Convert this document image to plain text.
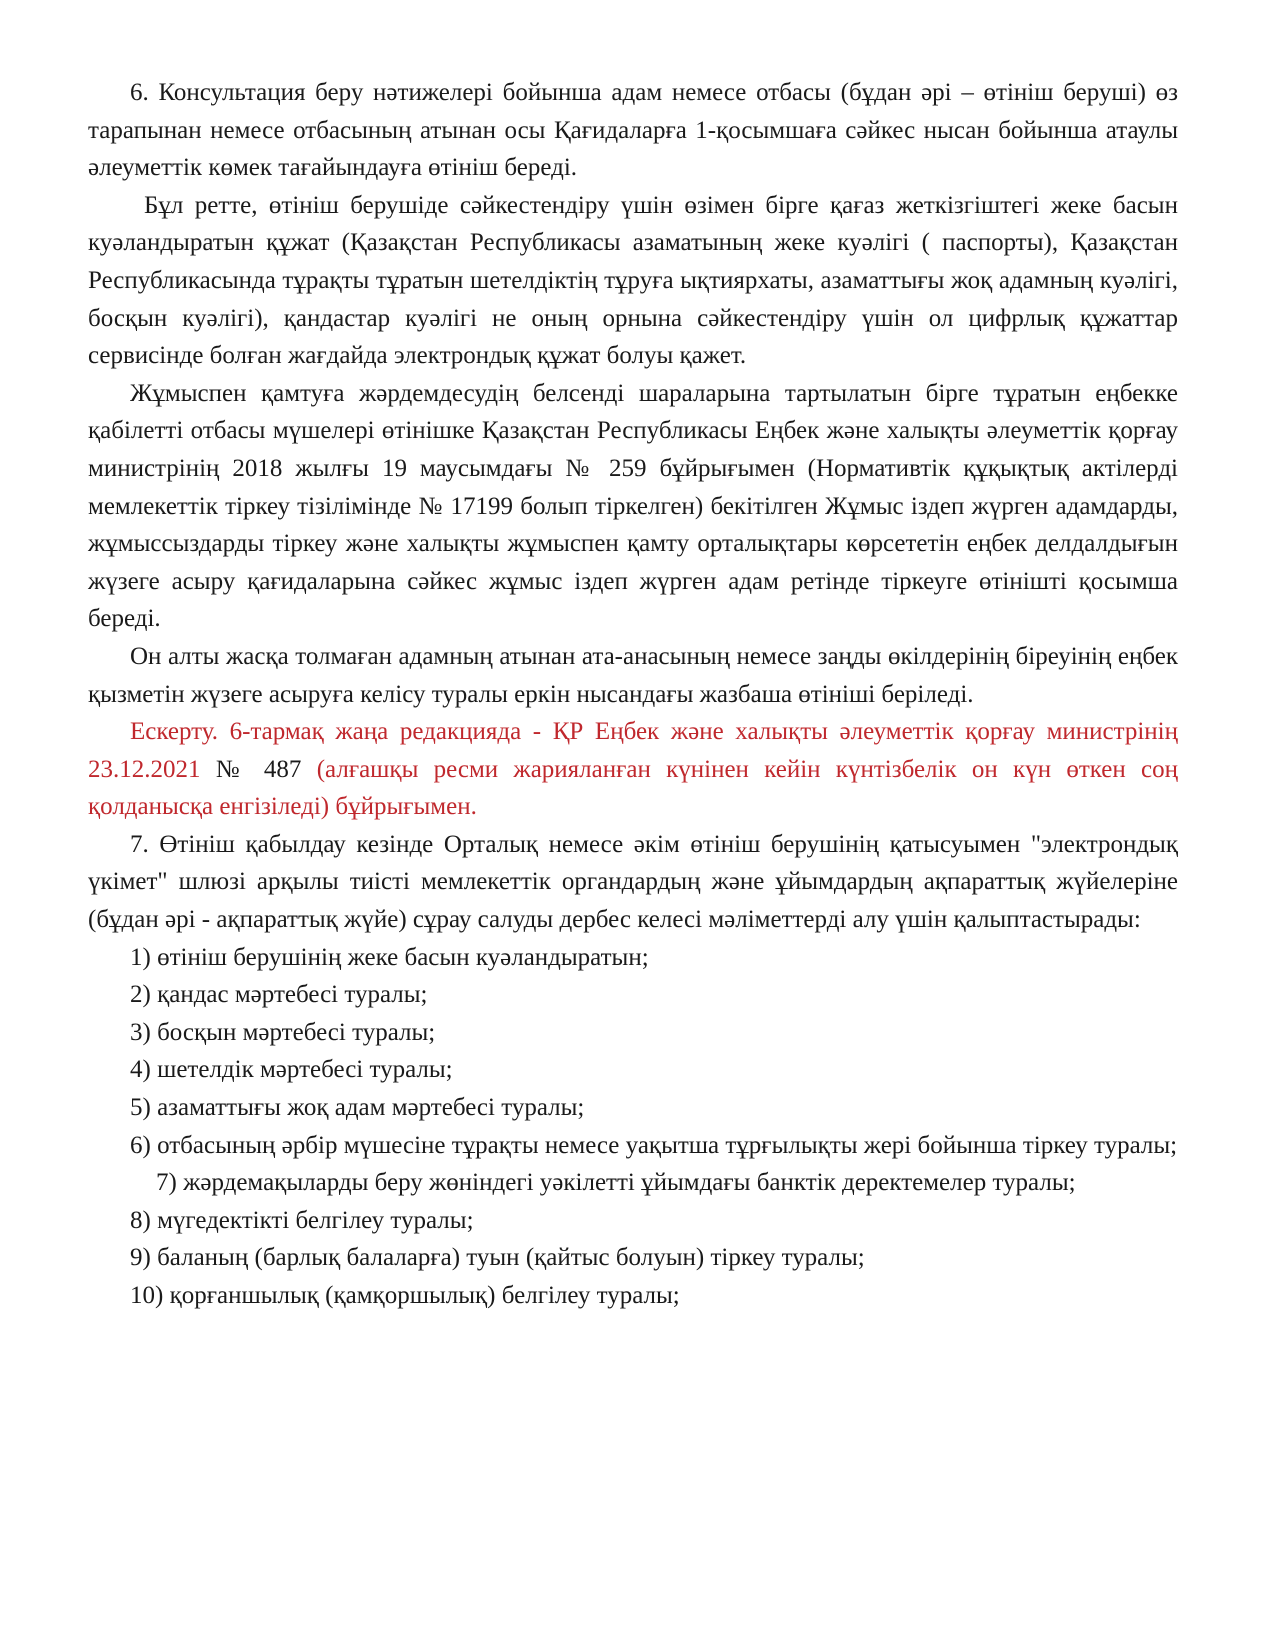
6. Консультация беру нәтижелері бойынша адам немесе отбасы (бұдан әрі – өтініш беруші) өз тарапынан немесе отбасының атынан осы Қағидаларға 1-қосымшаға сәйкес нысан бойынша атаулы әлеуметтік көмек тағайындауға өтініш береді.

Бұл ретте, өтініш берушіде сәйкестендіру үшін өзімен бірге қағаз жеткізгіштегі жеке басын куәландыратын құжат (Қазақстан Республикасы азаматының жеке куәлігі ( паспорты), Қазақстан Республикасында тұрақты тұратын шетелдіктің тұруға ықтиярхаты, азаматтығы жоқ адамның куәлігі, босқын куәлігі), қандастар куәлігі не оның орнына сәйкестендіру үшін ол цифрлық құжаттар сервисінде болған жағдайда электрондық құжат болуы қажет.

Жұмыспен қамтуға жәрдемдесудің белсенді шараларына тартылатын бірге тұратын еңбекке қабілетті отбасы мүшелері өтінішке Қазақстан Республикасы Еңбек және халықты әлеуметтік қорғау министрінің 2018 жылғы 19 маусымдағы № 259 бұйрығымен (Нормативтік құқықтық актілерді мемлекеттік тіркеу тізілімінде № 17199 болып тіркелген) бекітілген Жұмыс іздеп жүрген адамдарды, жұмыссыздарды тіркеу және халықты жұмыспен қамту орталықтары көрсететін еңбек делдалдығын жүзеге асыру қағидаларына сәйкес жұмыс іздеп жүрген адам ретінде тіркеуге өтінішті қосымша береді.

Он алты жасқа толмаған адамның атынан ата-анасының немесе заңды өкілдерінің біреуінің еңбек қызметін жүзеге асыруға келісу туралы еркін нысандағы жазбаша өтініші беріледі.

Ескерту. 6-тармақ жаңа редакцияда - ҚР Еңбек және халықты әлеуметтік қорғау министрінің 23.12.2021 № 487 (алғашқы ресми жарияланған күнінен кейін күнтізбелік он күн өткен соң қолданысқа енгізіледі) бұйрығымен.

7. Өтініш қабылдау кезінде Орталық немесе әкім өтініш берушінің қатысуымен "электрондық үкімет" шлюзі арқылы тиісті мемлекеттік органдардың және ұйымдардың ақпараттық жүйелеріне (бұдан әрі - ақпараттық жүйе) сұрау салуды дербес келесі мәліметтерді алу үшін қалыптастырады:

1) өтініш берушінің жеке басын куәландыратын;

2) қандас мәртебесі туралы;

3) босқын мәртебесі туралы;

4) шетелдік мәртебесі туралы;

5) азаматтығы жоқ адам мәртебесі туралы;

6) отбасының әрбір мүшесіне тұрақты немесе уақытша тұрғылықты жері бойынша тіркеу туралы;

7) жәрдемақыларды беру жөніндегі уәкілетті ұйымдағы банктік деректемелер туралы;

8) мүгедектікті белгілеу туралы;

9) баланың (барлық балаларға) туын (қайтыс болуын) тіркеу туралы;

10) қорғаншылық (қамқоршылық) белгілеу туралы;
